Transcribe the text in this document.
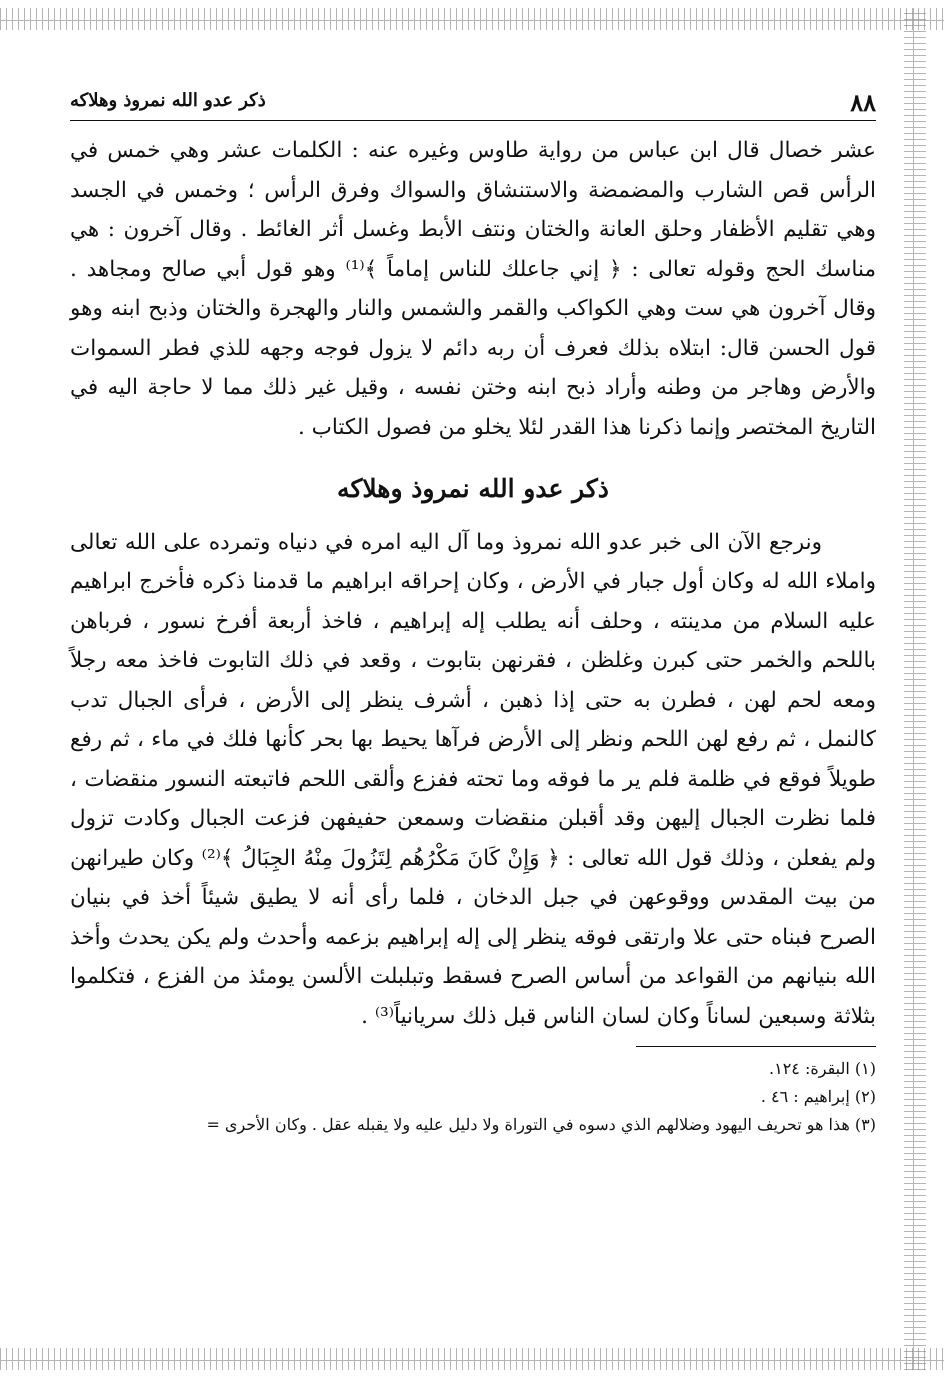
٨٨
ذكر عدو الله نمروذ وهلاكه

عشر خصال قال ابن عباس من رواية طاوس وغيره عنه : الكلمات عشر وهي خمس في الرأس قص الشارب والمضمضة والاستنشاق والسواك وفرق الرأس ؛ وخمس في الجسد وهي تقليم الأظفار وحلق العانة والختان ونتف الأبط وغسل أثر الغائط . وقال آخرون : هي مناسك الحج وقوله تعالى : ﴿ إني جاعلك للناس إماماً ﴾⁽¹⁾ وهو قول أبي صالح ومجاهد . وقال آخرون هي ست وهي الكواكب والقمر والشمس والنار والهجرة والختان وذبح ابنه وهو قول الحسن قال: ابتلاه بذلك فعرف أن ربه دائم لا يزول فوجه وجهه للذي فطر السموات والأرض وهاجر من وطنه وأراد ذبح ابنه وختن نفسه ، وقيل غير ذلك مما لا حاجة اليه في التاريخ المختصر وإنما ذكرنا هذا القدر لئلا يخلو من فصول الكتاب .

ذكر عدو الله نمروذ وهلاكه

ونرجع الآن الى خبر عدو الله نمروذ وما آل اليه امره في دنياه وتمرده على الله تعالى واملاء الله له وكان أول جبار في الأرض ، وكان إحراقه ابراهيم ما قدمنا ذكره فأخرج ابراهيم عليه السلام من مدينته ، وحلف أنه يطلب إله إبراهيم ، فاخذ أربعة أفرخ نسور ، فرباهن باللحم والخمر حتى كبرن وغلظن ، فقرنهن بتابوت ، وقعد في ذلك التابوت فاخذ معه رجلاً ومعه لحم لهن ، فطرن به حتى إذا ذهبن ، أشرف ينظر إلى الأرض ، فرأى الجبال تدب كالنمل ، ثم رفع لهن اللحم ونظر إلى الأرض فرآها يحيط بها بحر كأنها فلك في ماء ، ثم رفع طويلاً فوقع في ظلمة فلم ير ما فوقه وما تحته ففزع وألقى اللحم فاتبعته النسور منقضات ، فلما نظرت الجبال إليهن وقد أقبلن منقضات وسمعن حفيفهن فزعت الجبال وكادت تزول ولم يفعلن ، وذلك قول الله تعالى : ﴿ وَإِنْ كَانَ مَكْرُهُم لِتَزُولَ مِنْهُ الجِبَالُ ﴾⁽²⁾ وكان طيرانهن من بيت المقدس ووقوعهن في جبل الدخان ، فلما رأى أنه لا يطيق شيئاً أخذ في بنيان الصرح فبناه حتى علا وارتقى فوقه ينظر إلى إله إبراهيم بزعمه وأحدث ولم يكن يحدث وأخذ الله بنيانهم من القواعد من أساس الصرح فسقط وتبلبلت الألسن يومئذ من الفزع ، فتكلموا بثلاثة وسبعين لساناً وكان لسان الناس قبل ذلك سريانياً⁽³⁾ .

(١) البقرة: ١٢٤.
(٢) إبراهيم : ٤٦ .
(٣) هذا هو تحريف اليهود وضلالهم الذي دسوه في التوراة ولا دليل عليه ولا يقبله عقل . وكان الأحرى =
